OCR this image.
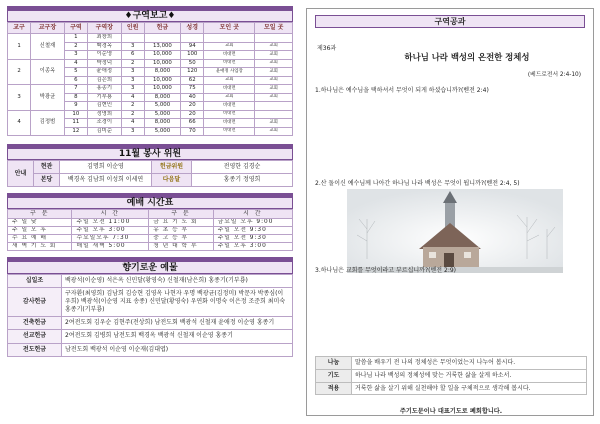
♦구역보고♦
교구	교구장	구역	구역장	인원	헌금	성경	모인 곳	모일 곳
1	신철재	1	최창희					
		2	백경옥	3	13,000	94	교회	교회
		3	이순영	6	10,000	100	비대면	교회
2	이종옥	4	박정덕	2	10,000	50	비대면	교회
		5	윤애정	3	8,000	120	윤애정 사업장	교회
		6	김은희	3	10,000	62	교회	교회
3	박광균	7	홍종기	3	10,000	75	비대면	교회
		8	기부룡	4	8,000	40	교회	교회
		9	김현민	2	5,000	20	비대면	
4	김정범	10	정영희	2	5,000	20	비대면	
		11	조경이	4	8,000	66	비대면	교회
		12	김미순	3	5,000	70	비대면	교회
11월 봉사 위원
안내	현관	김명희 이순영	헌금위원	전영한 김경순
	본당	백경옥 김남희 이성희 이세연	다음달	홍종기 정영희
예배 시간표
구 분	시 간	구 분	시 간
주 일 낮	주일 오전 11:00	금 요 기 도 회	금요일 오후 9:00
주 일 오 후	주일 오후 3:00	유 초 등 부	주일 오전 9:30
수 요 예 배	수요일오후 7:30	중 고 등 부	주일 오전 9:30
새 벽 기 도 회	매일 새벽 5:00	청 년 대 학 부	주일 오후 3:00
향기로운 예물
십일조	백광석(이순영) 석은옥 신민달(황영숙) 신철재(남은희) 홍종기(기부룡)
감사헌금	구자환(최영희) 김남희 김승현 김영옥 나현자 우명 백광균(김정미) 박문자 박종심(이우희) 백광석(이순영 지표 송종) 신민달(황영숙) 우연화 이명숙 이은정 조준희 최미숙 홍종기(기부룡)
건축헌금	2여전도회 김우순 김현주(전상희) 남전도회 백광석 신철재 윤애정 이순영 홍종기
선교헌금	2여전도회 김병희 남전도회 백경옥 백광석 신철재 이순영 홍종기
전도헌금	남전도회 백광석 이순영 이순재(김대엽)
구역공과
제36과
하나님 나라 백성의 온전한 정체성
(베드로전서 2:4-10)
1.하나님은 예수님을 택하셔서 무엇이 되게 하셨습니까?(벧전 2:4)
2.산 돌이신 예수님께 나아간 하나님 나라 백성은 무엇이 됩니까?(벧전 2:4, 5)
3.하나님은 교회를 무엇이라고 부르십니까?(벧전 2:9)
나눔	말씀을 배우기 전 나의 정체성은 무엇이었는지 나누어 봅시다.
기도	하나님 나라 백성의 정체성에 맞는 거룩한 삶을 살게 하소서.
적용	거룩한 삶을 살기 위해 실천해야 할 일을 구체적으로 생각해 봅시다.
주기도문이나 대표기도로 폐회합니다.
